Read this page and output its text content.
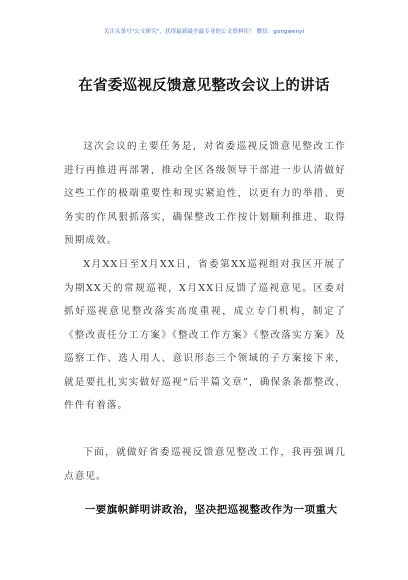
关注头条号"公文研究"，获得最新最全最专业的公文资料库！ 微信：gongwenyi
在省委巡视反馈意见整改会议上的讲话

这次会议的主要任务是，对省委巡视反馈意见整改工作进行再推进再部署，推动全区各级领导干部进一步认清做好这些工作的极端重要性和现实紧迫性，以更有力的举措、更务实的作风狠抓落实，确保整改工作按计划顺利推进、取得预期成效。

X月XX日至X月XX日，省委第XX巡视组对我区开展了为期XX天的常规巡视，X月XX日反馈了巡视意见。区委对抓好巡视意见整改落实高度重视，成立专门机构，制定了《整改责任分工方案》《整改工作方案》《整改落实方案》及巡察工作、选人用人、意识形态三个领域的子方案接下来，就是要扎扎实实做好巡视“后半篇文章”，确保条条都整改、件件有着落。

下面，就做好省委巡视反馈意见整改工作，我再强调几点意见。

一要旗帜鲜明讲政治，坚决把巡视整改作为一项重大
